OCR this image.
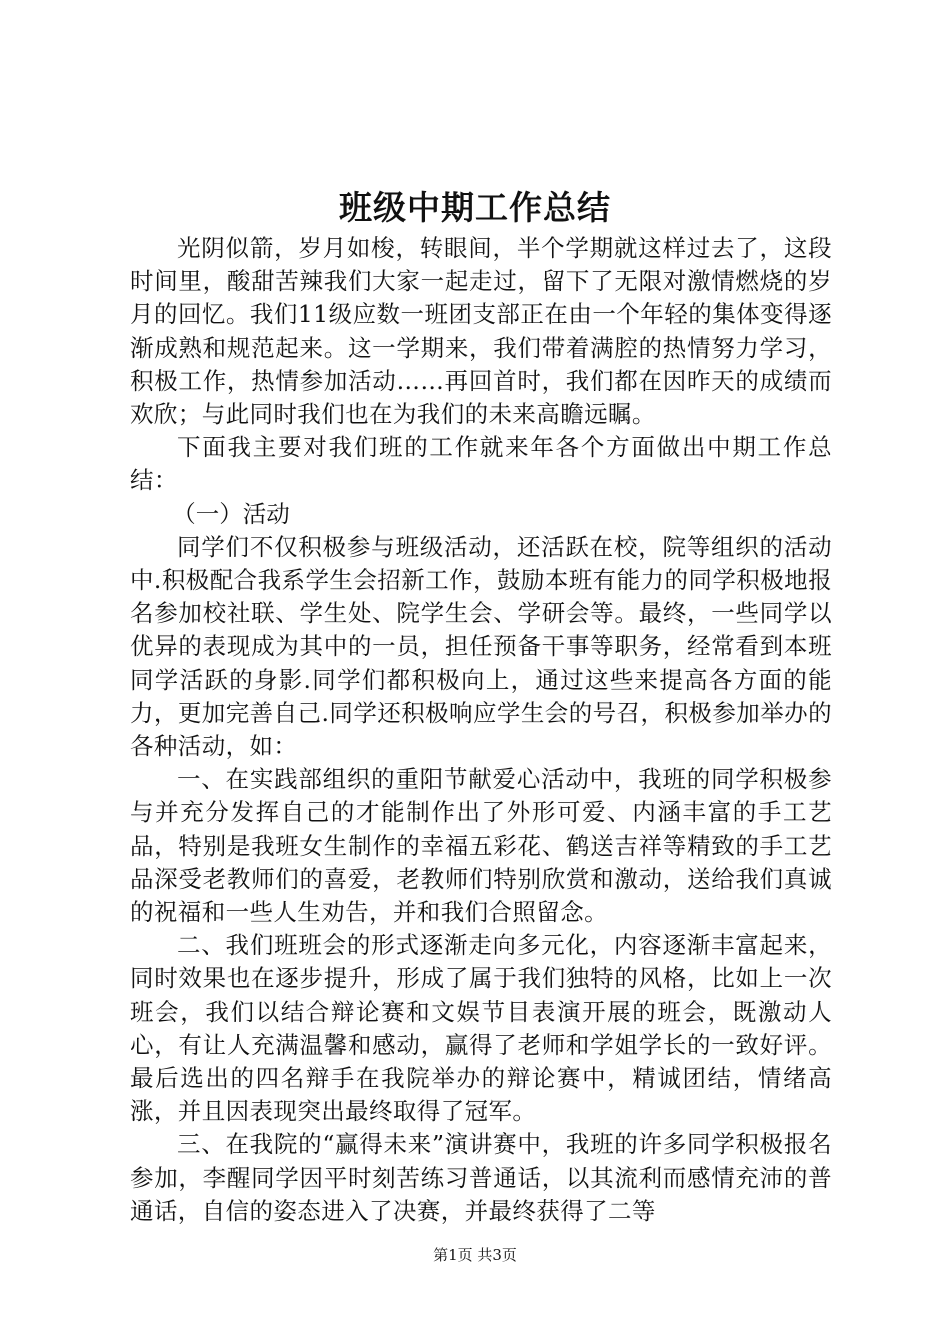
班级中期工作总结

光阴似箭，岁月如梭，转眼间，半个学期就这样过去了，这段时间里，酸甜苦辣我们大家一起走过，留下了无限对激情燃烧的岁月的回忆。我们11级应数一班团支部正在由一个年轻的集体变得逐渐成熟和规范起来。这一学期来，我们带着满腔的热情努力学习，积极工作，热情参加活动……再回首时，我们都在因昨天的成绩而欢欣；与此同时我们也在为我们的未来高瞻远瞩。

下面我主要对我们班的工作就来年各个方面做出中期工作总结：

（一）活动

同学们不仅积极参与班级活动，还活跃在校，院等组织的活动中.积极配合我系学生会招新工作，鼓励本班有能力的同学积极地报名参加校社联、学生处、院学生会、学研会等。最终，一些同学以优异的表现成为其中的一员，担任预备干事等职务，经常看到本班同学活跃的身影.同学们都积极向上，通过这些来提高各方面的能力，更加完善自己.同学还积极响应学生会的号召，积极参加举办的各种活动，如：

一、在实践部组织的重阳节献爱心活动中，我班的同学积极参与并充分发挥自己的才能制作出了外形可爱、内涵丰富的手工艺品，特别是我班女生制作的幸福五彩花、鹤送吉祥等精致的手工艺品深受老教师们的喜爱，老教师们特别欣赏和激动，送给我们真诚的祝福和一些人生劝告，并和我们合照留念。

二、我们班班会的形式逐渐走向多元化，内容逐渐丰富起来，同时效果也在逐步提升，形成了属于我们独特的风格，比如上一次班会，我们以结合辩论赛和文娱节目表演开展的班会，既激动人心，有让人充满温馨和感动，赢得了老师和学姐学长的一致好评。最后选出的四名辩手在我院举办的辩论赛中，精诚团结，情绪高涨，并且因表现突出最终取得了冠军。

三、在我院的“赢得未来”演讲赛中，我班的许多同学积极报名参加，李醒同学因平时刻苦练习普通话，以其流利而感情充沛的普通话，自信的姿态进入了决赛，并最终获得了二等

第1页 共3页
